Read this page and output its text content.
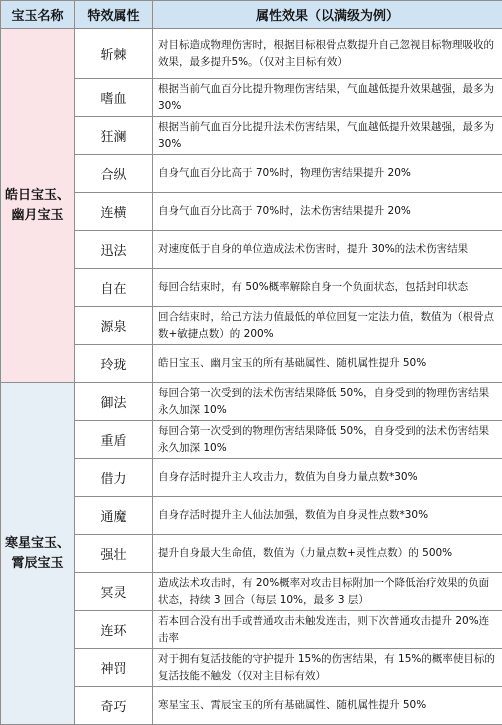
宝玉名称	特效属性	属性效果（以满级为例）

皓日宝玉、
幽月宝玉	斩棘	对目标造成物理伤害时，根据目标根骨点数提升自己忽视目标物理吸收的效果，最多提升5%。（仅对主目标有效）
	嗜血	根据当前气血百分比提升物理伤害结果，气血越低提升效果越强，最多为 30%
	狂澜	根据当前气血百分比提升法术伤害结果，气血越低提升效果越强，最多为 30%
	合纵	自身气血百分比高于 70%时，物理伤害结果提升 20%
	连横	自身气血百分比高于 70%时，法术伤害结果提升 20%
	迅法	对速度低于自身的单位造成法术伤害时，提升 30%的法术伤害结果
	自在	每回合结束时，有 50%概率解除自身一个负面状态，包括封印状态
	源泉	回合结束时，给己方法力值最低的单位回复一定法力值，数值为（根骨点数+敏捷点数）的 200%
	玲珑	皓日宝玉、幽月宝玉的所有基础属性、随机属性提升 50%

寒星宝玉、
霄辰宝玉	御法	每回合第一次受到的法术伤害结果降低 50%，自身受到的物理伤害结果永久加深 10%
	重盾	每回合第一次受到的物理伤害结果降低 50%，自身受到的法术伤害结果永久加深 10%
	借力	自身存活时提升主人攻击力，数值为自身力量点数*30%
	通魔	自身存活时提升主人仙法加强，数值为自身灵性点数*30%
	强壮	提升自身最大生命值，数值为（力量点数+灵性点数）的 500%
	冥灵	造成法术攻击时，有 20%概率对攻击目标附加一个降低治疗效果的负面状态，持续 3 回合（每层 10%，最多 3 层）
	连环	若本回合没有出手或普通攻击未触发连击，则下次普通攻击提升 20%连击率
	神罚	对于拥有复活技能的守护提升 15%的伤害结果，有 15%的概率使目标的复活技能不触发（仅对主目标有效）
	奇巧	寒星宝玉、霄辰宝玉的所有基础属性、随机属性提升 50%
